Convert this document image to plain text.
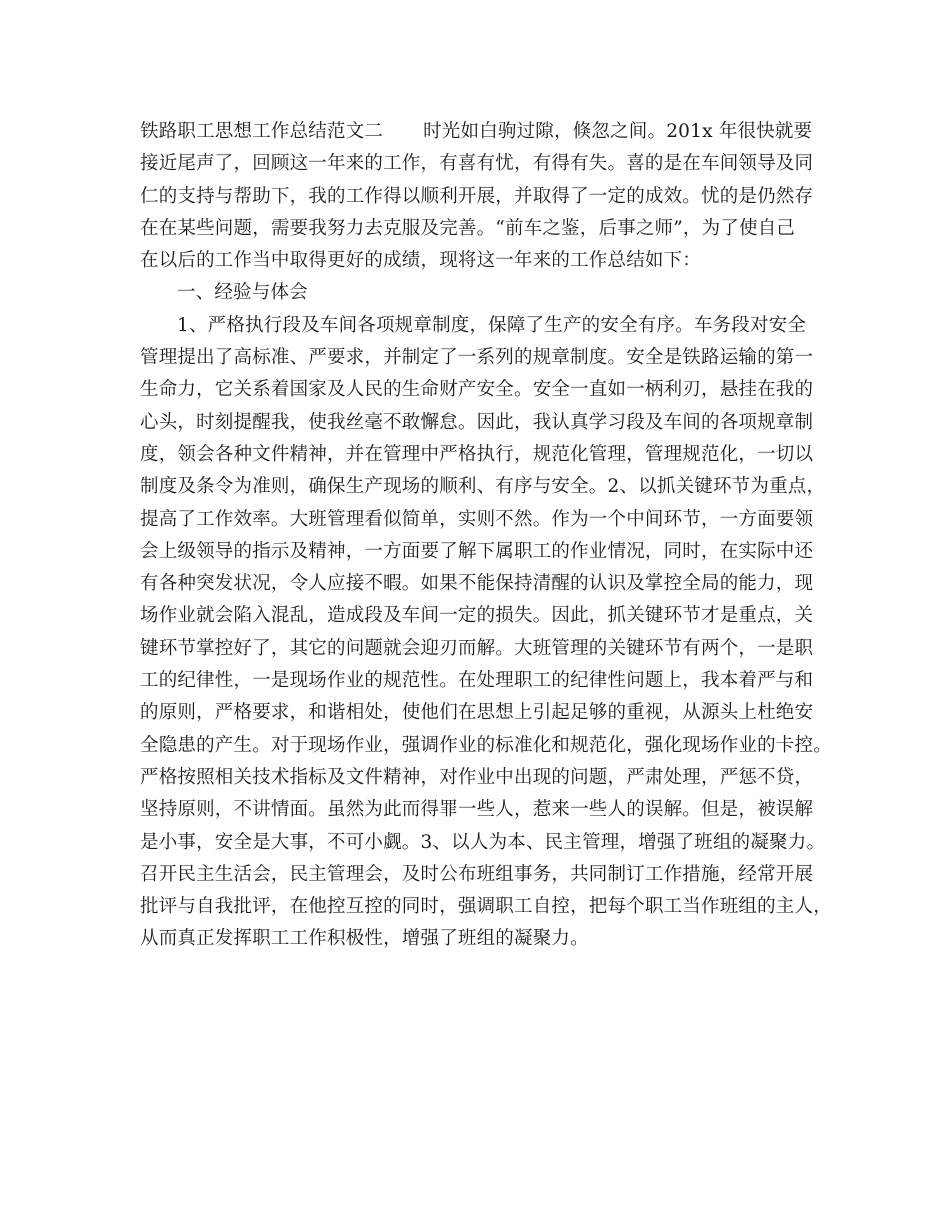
铁路职工思想工作总结范文二 时光如白驹过隙，倏忽之间。201x 年很快就要
接近尾声了，回顾这一年来的工作，有喜有忧，有得有失。喜的是在车间领导及同
仁的支持与帮助下，我的工作得以顺利开展，并取得了一定的成效。忧的是仍然存
在在某些问题，需要我努力去克服及完善。“前车之鉴，后事之师”，为了使自己
在以后的工作当中取得更好的成绩，现将这一年来的工作总结如下：
一、经验与体会
1、严格执行段及车间各项规章制度，保障了生产的安全有序。车务段对安全
管理提出了高标准、严要求，并制定了一系列的规章制度。安全是铁路运输的第一
生命力，它关系着国家及人民的生命财产安全。安全一直如一柄利刃，悬挂在我的
心头，时刻提醒我，使我丝毫不敢懈怠。因此，我认真学习段及车间的各项规章制
度，领会各种文件精神，并在管理中严格执行，规范化管理，管理规范化，一切以
制度及条令为准则，确保生产现场的顺利、有序与安全。2、以抓关键环节为重点，
提高了工作效率。大班管理看似简单，实则不然。作为一个中间环节，一方面要领
会上级领导的指示及精神，一方面要了解下属职工的作业情况，同时，在实际中还
有各种突发状况，令人应接不暇。如果不能保持清醒的认识及掌控全局的能力，现
场作业就会陷入混乱，造成段及车间一定的损失。因此，抓关键环节才是重点，关
键环节掌控好了，其它的问题就会迎刃而解。大班管理的关键环节有两个，一是职
工的纪律性，一是现场作业的规范性。在处理职工的纪律性问题上，我本着严与和
的原则，严格要求，和谐相处，使他们在思想上引起足够的重视，从源头上杜绝安
全隐患的产生。对于现场作业，强调作业的标准化和规范化，强化现场作业的卡控。
严格按照相关技术指标及文件精神，对作业中出现的问题，严肃处理，严惩不贷，
坚持原则，不讲情面。虽然为此而得罪一些人，惹来一些人的误解。但是，被误解
是小事，安全是大事，不可小觑。3、以人为本、民主管理，增强了班组的凝聚力。
召开民主生活会，民主管理会，及时公布班组事务，共同制订工作措施，经常开展
批评与自我批评，在他控互控的同时，强调职工自控，把每个职工当作班组的主人，
从而真正发挥职工工作积极性，增强了班组的凝聚力。
